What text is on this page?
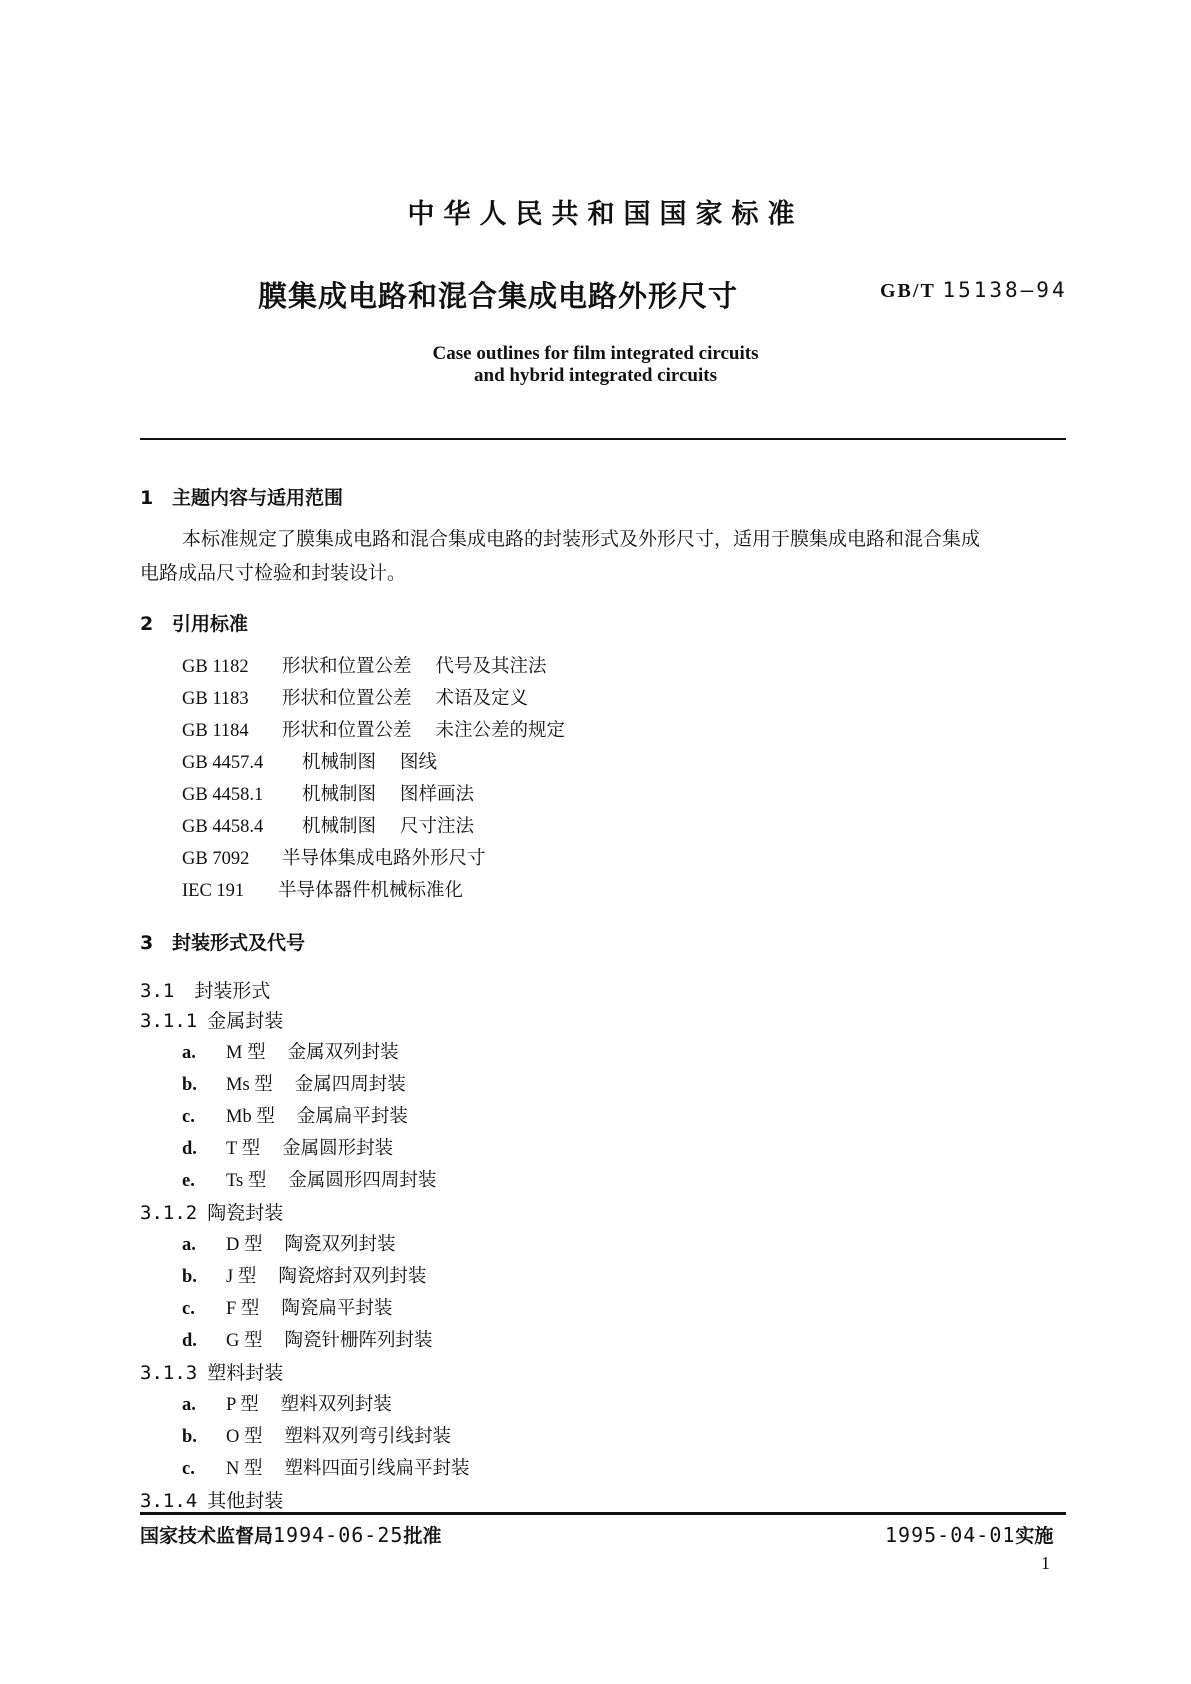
中华人民共和国国家标准
膜集成电路和混合集成电路外形尺寸	GB/T 15138—94
Case outlines for film integrated circuits
and hybrid integrated circuits
1 主题内容与适用范围
本标准规定了膜集成电路和混合集成电路的封装形式及外形尺寸，适用于膜集成电路和混合集成
电路成品尺寸检验和封装设计。
2 引用标准
GB 1182 形状和位置公差 代号及其注法
GB 1183 形状和位置公差 术语及定义
GB 1184 形状和位置公差 未注公差的规定
GB 4457.4 机械制图 图线
GB 4458.1 机械制图 图样画法
GB 4458.4 机械制图 尺寸注法
GB 7092 半导体集成电路外形尺寸
IEC 191 半导体器件机械标准化
3 封装形式及代号
3.1 封装形式
3.1.1 金属封装
a. M 型 金属双列封装
b. Ms 型 金属四周封装
c. Mb 型 金属扁平封装
d. T 型 金属圆形封装
e. Ts 型 金属圆形四周封装
3.1.2 陶瓷封装
a. D 型 陶瓷双列封装
b. J 型 陶瓷熔封双列封装
c. F 型 陶瓷扁平封装
d. G 型 陶瓷针栅阵列封装
3.1.3 塑料封装
a. P 型 塑料双列封装
b. O 型 塑料双列弯引线封装
c. N 型 塑料四面引线扁平封装
3.1.4 其他封装
国家技术监督局1994-06-25批准	1995-04-01实施
1
